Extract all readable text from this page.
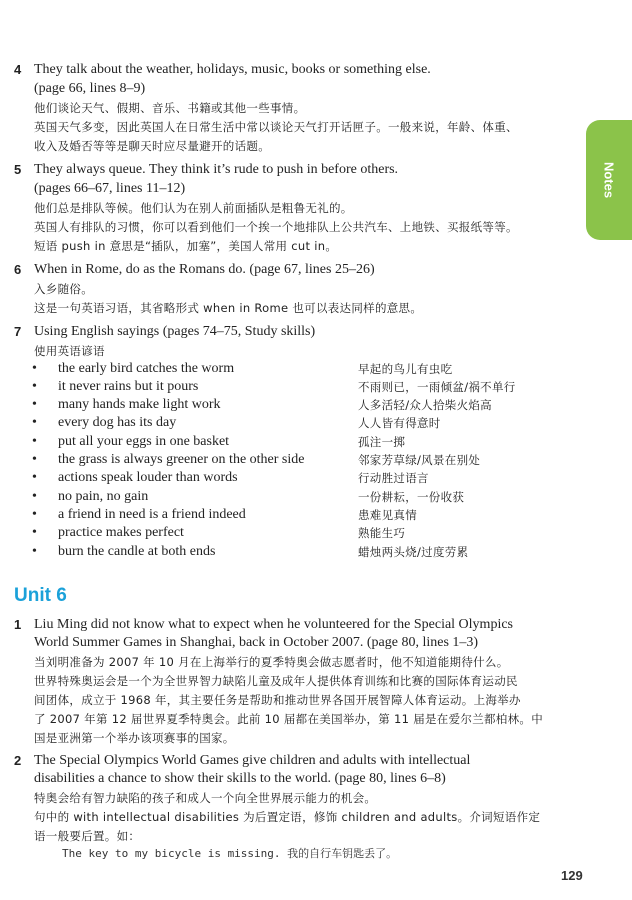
Notes
4 They talk about the weather, holidays, music, books or something else.
(page 66, lines 8–9)
他们谈论天气、假期、音乐、书籍或其他一些事情。
英国天气多变，因此英国人在日常生活中常以谈论天气打开话匣子。一般来说，年龄、体重、
收入及婚否等等是聊天时应尽量避开的话题。
5 They always queue. They think it’s rude to push in before others.
(pages 66–67, lines 11–12)
他们总是排队等候。他们认为在别人前面插队是粗鲁无礼的。
英国人有排队的习惯，你可以看到他们一个挨一个地排队上公共汽车、上地铁、买报纸等等。
短语 push in 意思是“插队，加塞”，美国人常用 cut in。
6 When in Rome, do as the Romans do. (page 67, lines 25–26)
入乡随俗。
这是一句英语习语，其省略形式 when in Rome 也可以表达同样的意思。
7 Using English sayings (pages 74–75, Study skills)
使用英语谚语
• the early bird catches the worm	早起的鸟儿有虫吃
• it never rains but it pours	不雨则已，一雨倾盆/祸不单行
• many hands make light work	人多活轻/众人拾柴火焰高
• every dog has its day	人人皆有得意时
• put all your eggs in one basket	孤注一掷
• the grass is always greener on the other side	邻家芳草绿/风景在别处
• actions speak louder than words	行动胜过语言
• no pain, no gain	一份耕耘，一份收获
• a friend in need is a friend indeed	患难见真情
• practice makes perfect	熟能生巧
• burn the candle at both ends	蜡烛两头烧/过度劳累
Unit 6
1 Liu Ming did not know what to expect when he volunteered for the Special Olympics
World Summer Games in Shanghai, back in October 2007. (page 80, lines 1–3)
当刘明准备为 2007 年 10 月在上海举行的夏季特奥会做志愿者时，他不知道能期待什么。
世界特殊奥运会是一个为全世界智力缺陷儿童及成年人提供体育训练和比赛的国际体育运动民
间团体，成立于 1968 年，其主要任务是帮助和推动世界各国开展智障人体育运动。上海举办
了 2007 年第 12 届世界夏季特奥会。此前 10 届都在美国举办，第 11 届是在爱尔兰都柏林。中
国是亚洲第一个举办该项赛事的国家。
2 The Special Olympics World Games give children and adults with intellectual
disabilities a chance to show their skills to the world. (page 80, lines 6–8)
特奥会给有智力缺陷的孩子和成人一个向全世界展示能力的机会。
句中的 with intellectual disabilities 为后置定语，修饰 children and adults。介词短语作定
语一般要后置。如：
The key to my bicycle is missing. 我的自行车钥匙丢了。
129
